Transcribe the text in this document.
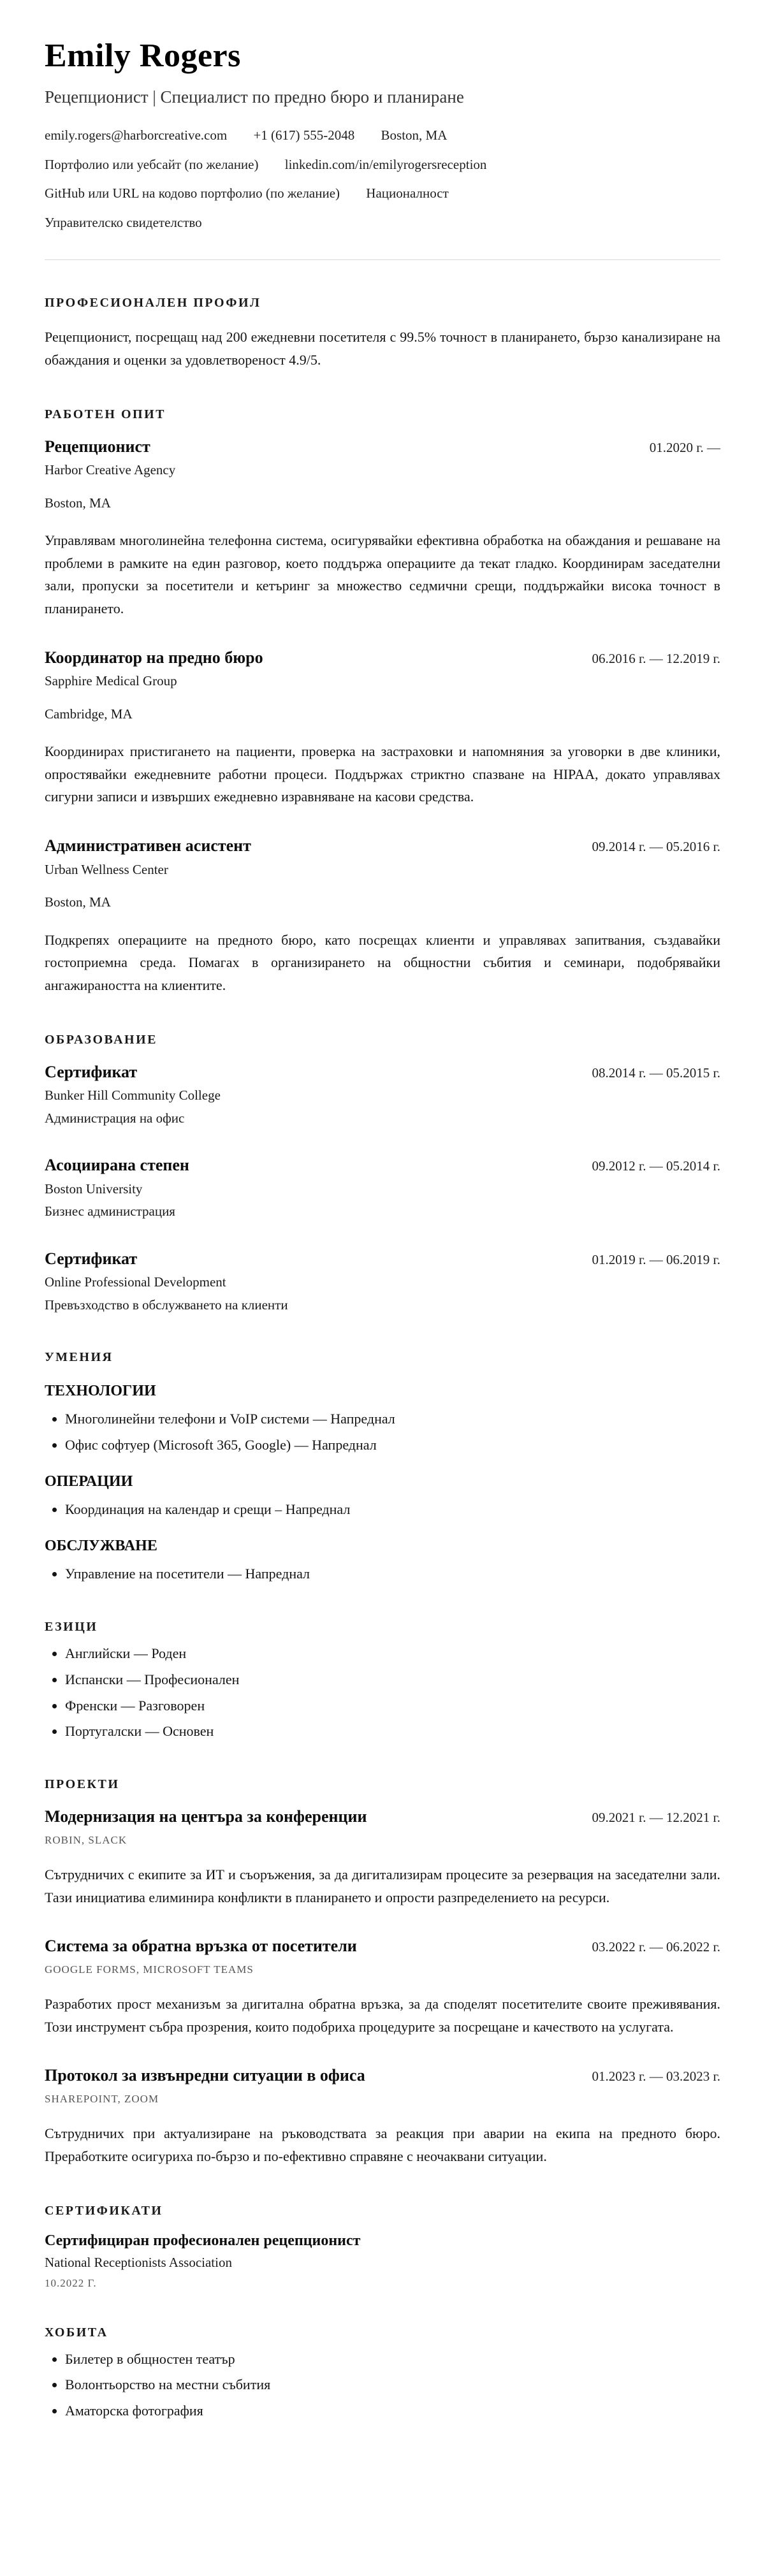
Emily Rogers
Рецепционист | Специалист по предно бюро и планиране
emily.rogers@harborcreative.com +1 (617) 555-2048 Boston, MA
Портфолио или уебсайт (по желание) linkedin.com/in/emilyrogersreception
GitHub или URL на кодово портфолио (по желание) Националност
Управителско свидетелство
ПРОФЕСИОНАЛЕН ПРОФИЛ

Рецепционист, посрещащ над 200 ежедневни посетителя с 99.5% точност в планирането, бързо канализиране на обаждания и оценки за удовлетвореност 4.9/5.

РАБОТЕН ОПИТ
Рецепционист	01.2020 г. —
Harbor Creative Agency
Boston, MA

Управлявам многолинейна телефонна система, осигурявайки ефективна обработка на обаждания и решаване на проблеми в рамките на един разговор, което поддържа операциите да текат гладко. Координирам заседателни зали, пропуски за посетители и кетъринг за множество седмични срещи, поддържайки висока точност в планирането.

Координатор на предно бюро	06.2016 г. — 12.2019 г.
Sapphire Medical Group
Cambridge, MA

Координирах пристигането на пациенти, проверка на застраховки и напомняния за уговорки в две клиники, опростявайки ежедневните работни процеси. Поддържах стриктно спазване на HIPAA, докато управлявах сигурни записи и извърших ежедневно изравняване на касови средства.

Административен асистент	09.2014 г. — 05.2016 г.
Urban Wellness Center
Boston, MA

Подкрепях операциите на предното бюро, като посрещах клиенти и управлявах запитвания, създавайки гостоприемна среда. Помагах в организирането на общностни събития и семинари, подобрявайки ангажираността на клиентите.

ОБРАЗОВАНИЕ
Сертификат	08.2014 г. — 05.2015 г.
Bunker Hill Community College
Администрация на офис
Асоциирана степен	09.2012 г. — 05.2014 г.
Boston University
Бизнес администрация
Сертификат	01.2019 г. — 06.2019 г.
Online Professional Development
Превъзходство в обслужването на клиенти
УМЕНИЯ
ТЕХНОЛОГИИ
• Многолинейни телефони и VoIP системи — Напреднал
• Офис софтуер (Microsoft 365, Google) — Напреднал
ОПЕРАЦИИ
• Координация на календар и срещи – Напреднал
ОБСЛУЖВАНЕ
• Управление на посетители — Напреднал
ЕЗИЦИ
• Английски — Роден
• Испански — Професионален
• Френски — Разговорен
• Португалски — Основен
ПРОЕКТИ
Модернизация на центъра за конференции	09.2021 г. — 12.2021 г.
ROBIN, SLACK

Сътрудничих с екипите за ИТ и съоръжения, за да дигитализирам процесите за резервация на заседателни зали. Тази инициатива елиминира конфликти в планирането и опрости разпределението на ресурси.

Система за обратна връзка от посетители	03.2022 г. — 06.2022 г.
GOOGLE FORMS, MICROSOFT TEAMS

Разработих прост механизъм за дигитална обратна връзка, за да споделят посетителите своите преживявания. Този инструмент събра прозрения, които подобриха процедурите за посрещане и качеството на услугата.

Протокол за извънредни ситуации в офиса	01.2023 г. — 03.2023 г.
SHAREPOINT, ZOOM

Сътрудничих при актуализиране на ръководствата за реакция при аварии на екипа на предното бюро. Преработките осигуриха по-бързо и по-ефективно справяне с неочаквани ситуации.

СЕРТИФИКАТИ
Сертифициран професионален рецепционист
National Receptionists Association
10.2022 Г.
ХОБИТА
• Билетер в общностен театър
• Волонтьорство на местни събития
• Аматорска фотография
